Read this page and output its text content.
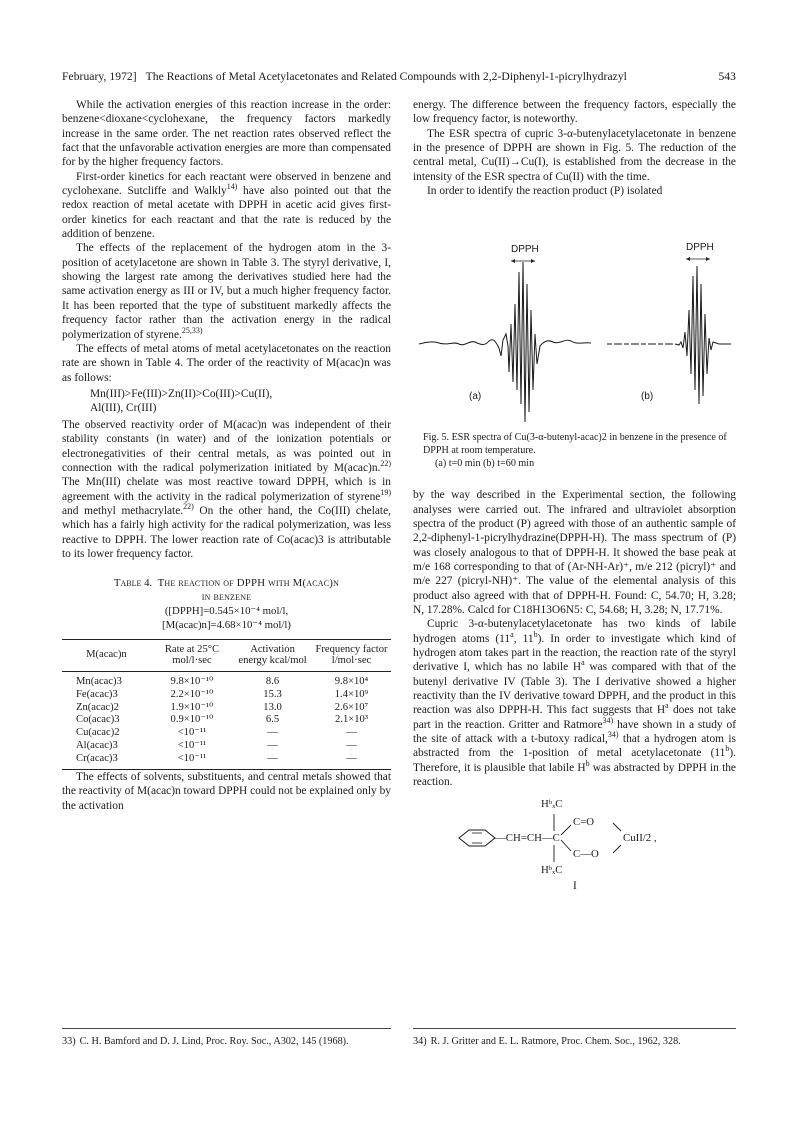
February, 1972] The Reactions of Metal Acetylacetonates and Related Compounds with 2,2-Diphenyl-1-picrylhydrazyl	543

While the activation energies of this reaction increase in the order: benzene<dioxane<cyclohexane, the frequency factors markedly increase in the same order. The net reaction rates observed reflect the fact that the unfavorable activation energies are more than compensated for by the higher frequency factors.

First-order kinetics for each reactant were observed in benzene and cyclohexane. Sutcliffe and Walkly$^{14)}$ have also pointed out that the redox reaction of metal acetate with DPPH in acetic acid gives first-order kinetics for each reactant and that the rate is reduced by the addition of benzene.

The effects of the replacement of the hydrogen atom in the 3-position of acetylacetone are shown in Table 3. The styryl derivative, I, showing the largest rate among the derivatives studied here had the same activation energy as III or IV, but a much higher frequency factor. It has been reported that the type of substituent markedly affects the frequency factor rather than the activation energy in the radical polymerization of styrene.$^{25,33)}$

The effects of metal atoms of metal acetylacetonates on the reaction rate are shown in Table 4. The order of the reactivity of M(acac)n was as follows:

Mn(III)>Fe(III)>Zn(II)>Co(III)>Cu(II),
Al(III), Cr(III)

The observed reactivity order of M(acac)n was independent of their stability constants (in water) and of the ionization potentials or electronegativities of their central metals, as was pointed out in connection with the radical polymerization initiated by M(acac)n.$^{22)}$ The Mn(III) chelate was most reactive toward DPPH, which is in agreement with the activity in the radical polymerization of styrene$^{19)}$ and methyl methacrylate.$^{22)}$ On the other hand, the Co(III) chelate, which has a fairly high activity for the radical polymerization, was less reactive to DPPH. The lower reaction rate of Co(acac)3 is attributable to its lower frequency factor.

Table 4. The reaction of DPPH with M(acac)n
in benzene
([DPPH]=0.545×10⁻⁴ mol/l,
[M(acac)n]=4.68×10⁻⁴ mol/l)
M(acac)n	Rate at 25°C mol/l·sec	Activation energy kcal/mol	Frequency factor l/mol·sec
Mn(acac)3	9.8×10⁻¹⁰	8.6	9.8×10⁴
Fe(acac)3	2.2×10⁻¹⁰	15.3	1.4×10⁹
Zn(acac)2	1.9×10⁻¹⁰	13.0	2.6×10⁷
Co(acac)3	0.9×10⁻¹⁰	6.5	2.1×10³
Cu(acac)2	<10⁻¹¹	—	—
Al(acac)3	<10⁻¹¹	—	—
Cr(acac)3	<10⁻¹¹	—	—

The effects of solvents, substituents, and central metals showed that the reactivity of M(acac)n toward DPPH could not be explained only by the activation

energy. The difference between the frequency factors, especially the low frequency factor, is noteworthy.

The ESR spectra of cupric 3-α-butenylacetylacetonate in benzene in the presence of DPPH are shown in Fig. 5. The reduction of the central metal, Cu(II)→Cu(I), is established from the decrease in the intensity of the ESR spectra of Cu(II) with the time.

In order to identify the reaction product (P) isolated

DPPH	DPPH
(a)	(b)
Fig. 5. ESR spectra of Cu(3-α-butenyl-acac)2 in benzene in the presence of DPPH at room temperature.
(a) t=0 min (b) t=60 min

by the way described in the Experimental section, the following analyses were carried out. The infrared and ultraviolet absorption spectra of the product (P) agreed with those of an authentic sample of 2,2-diphenyl-1-picrylhydrazine(DPPH-H). The mass spectrum of (P) was closely analogous to that of DPPH-H. It showed the base peak at m/e 168 corresponding to that of (Ar-NH-Ar)⁺, m/e 212 (picryl)⁺ and m/e 227 (picryl-NH)⁺. The value of the elemental analysis of this product also agreed with that of DPPH-H. Found: C, 54.70; H, 3.28; N, 17.28%. Calcd for C18H13O6N5: C, 54.68; H, 3.28; N, 17.71%.

Cupric 3-α-butenylacetylacetonate has two kinds of labile hydrogen atoms (11$^a$, 11$^b$). In order to investigate which kind of hydrogen atom takes part in the reaction, the reaction rate of the styryl derivative I, which has no labile $H^a$ was compared with that of the butenyl derivative IV (Table 3). The I derivative showed a higher reactivity than the IV derivative toward DPPH, and the product in this reaction was also DPPH-H. This fact suggests that $H^a$ does not take part in the reaction. Gritter and Ratmore$^{34)}$ have shown in a study of the site of attack with a t-butoxy radical,$^{34)}$ that a hydrogen atom is abstracted from the 1-position of metal acetylacetonate (11$^b$). Therefore, it is plausible that labile $H^b$ was abstracted by DPPH in the reaction.

HᵇₓC
C=O
—CH=CH—C	CuII/2 ,
C—O
HᵇₓC
I
33) C. H. Bamford and D. J. Lind, Proc. Roy. Soc., A302, 145 (1968).	34) R. J. Gritter and E. L. Ratmore, Proc. Chem. Soc., 1962, 328.
